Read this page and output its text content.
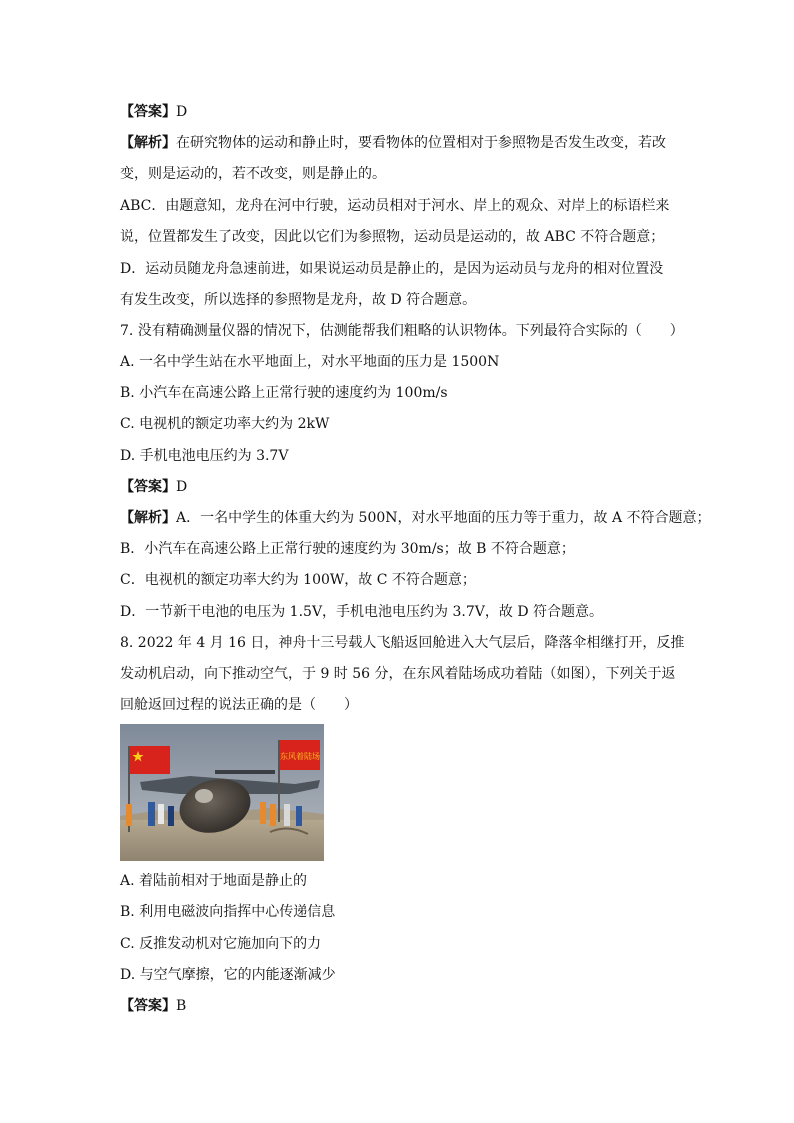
【答案】D
【解析】在研究物体的运动和静止时，要看物体的位置相对于参照物是否发生改变，若改
变，则是运动的，若不改变，则是静止的。
ABC．由题意知，龙舟在河中行驶，运动员相对于河水、岸上的观众、对岸上的标语栏来
说，位置都发生了改变，因此以它们为参照物，运动员是运动的，故 ABC 不符合题意；
D．运动员随龙舟急速前进，如果说运动员是静止的，是因为运动员与龙舟的相对位置没
有发生改变，所以选择的参照物是龙舟，故 D 符合题意。
7. 没有精确测量仪器的情况下，估测能帮我们粗略的认识物体。下列最符合实际的（　　）
A. 一名中学生站在水平地面上，对水平地面的压力是 1500N
B. 小汽车在高速公路上正常行驶的速度约为 100m/s
C. 电视机的额定功率大约为 2kW
D. 手机电池电压约为 3.7V
【答案】D
【解析】A．一名中学生的体重大约为 500N，对水平地面的压力等于重力，故 A 不符合题意；
B．小汽车在高速公路上正常行驶的速度约为 30m/s；故 B 不符合题意；
C．电视机的额定功率大约为 100W，故 C 不符合题意；
D．一节新干电池的电压为 1.5V，手机电池电压约为 3.7V，故 D 符合题意。
8. 2022 年 4 月 16 日，神舟十三号载人飞船返回舱进入大气层后，降落伞相继打开，反推
发动机启动，向下推动空气，于 9 时 56 分，在东风着陆场成功着陆（如图），下列关于返
回舱返回过程的说法正确的是（　　）
东风着陆场
A. 着陆前相对于地面是静止的
B. 利用电磁波向指挥中心传递信息
C. 反推发动机对它施加向下的力
D. 与空气摩擦，它的内能逐渐减少
【答案】B
